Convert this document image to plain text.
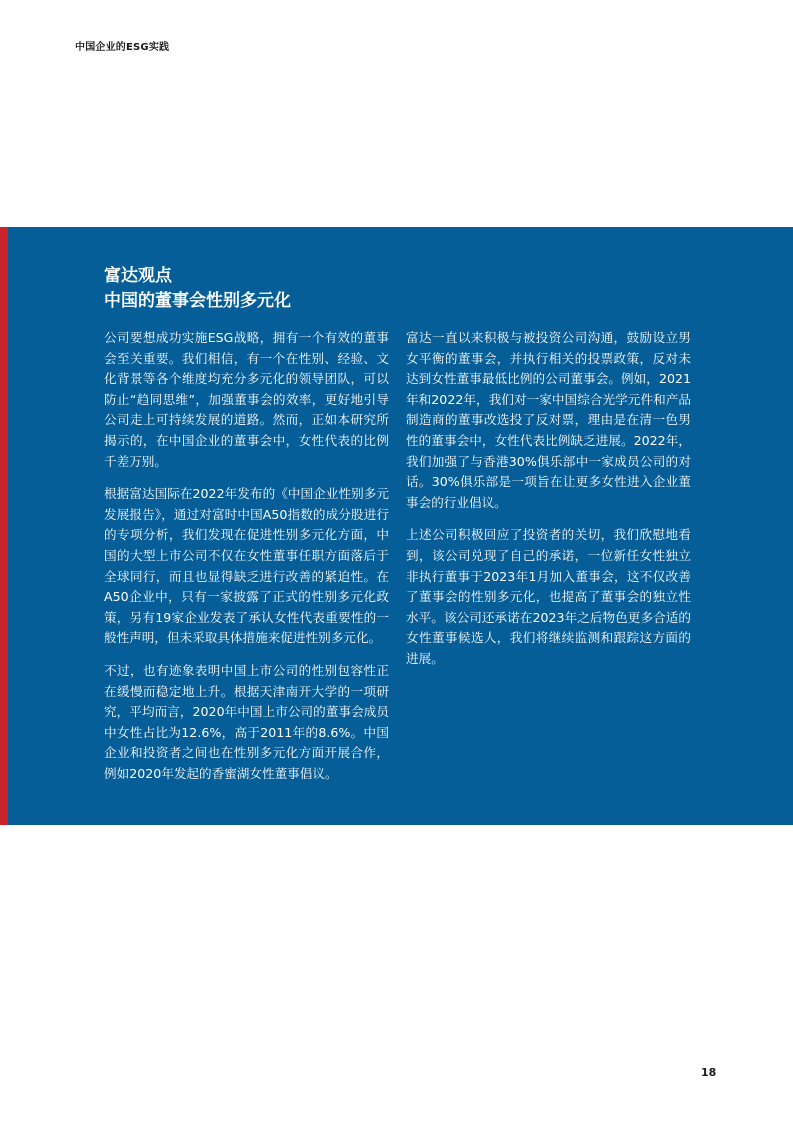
中国企业的ESG实践
富达观点
中国的董事会性别多元化

公司要想成功实施ESG战略，拥有一个有效的董事会至关重要。我们相信，有一个在性别、经验、文化背景等各个维度均充分多元化的领导团队，可以防止“趋同思维”，加强董事会的效率，更好地引导公司走上可持续发展的道路。然而，正如本研究所揭示的，在中国企业的董事会中，女性代表的比例千差万别。

根据富达国际在2022年发布的《中国企业性别多元发展报告》，通过对富时中国A50指数的成分股进行的专项分析，我们发现在促进性别多元化方面，中国的大型上市公司不仅在女性董事任职方面落后于全球同行，而且也显得缺乏进行改善的紧迫性。在A50企业中，只有一家披露了正式的性别多元化政策，另有19家企业发表了承认女性代表重要性的一般性声明，但未采取具体措施来促进性别多元化。

不过，也有迹象表明中国上市公司的性别包容性正在缓慢而稳定地上升。根据天津南开大学的一项研究，平均而言，2020年中国上市公司的董事会成员中女性占比为12.6%，高于2011年的8.6%。中国企业和投资者之间也在性别多元化方面开展合作，例如2020年发起的香蜜湖女性董事倡议。

富达一直以来积极与被投资公司沟通，鼓励设立男女平衡的董事会，并执行相关的投票政策，反对未达到女性董事最低比例的公司董事会。例如，2021年和2022年，我们对一家中国综合光学元件和产品制造商的董事改选投了反对票，理由是在清一色男性的董事会中，女性代表比例缺乏进展。2022年，我们加强了与香港30%俱乐部中一家成员公司的对话。30%俱乐部是一项旨在让更多女性进入企业董事会的行业倡议。

上述公司积极回应了投资者的关切，我们欣慰地看到，该公司兑现了自己的承诺，一位新任女性独立非执行董事于2023年1月加入董事会，这不仅改善了董事会的性别多元化，也提高了董事会的独立性水平。该公司还承诺在2023年之后物色更多合适的女性董事候选人，我们将继续监测和跟踪这方面的进展。

18
